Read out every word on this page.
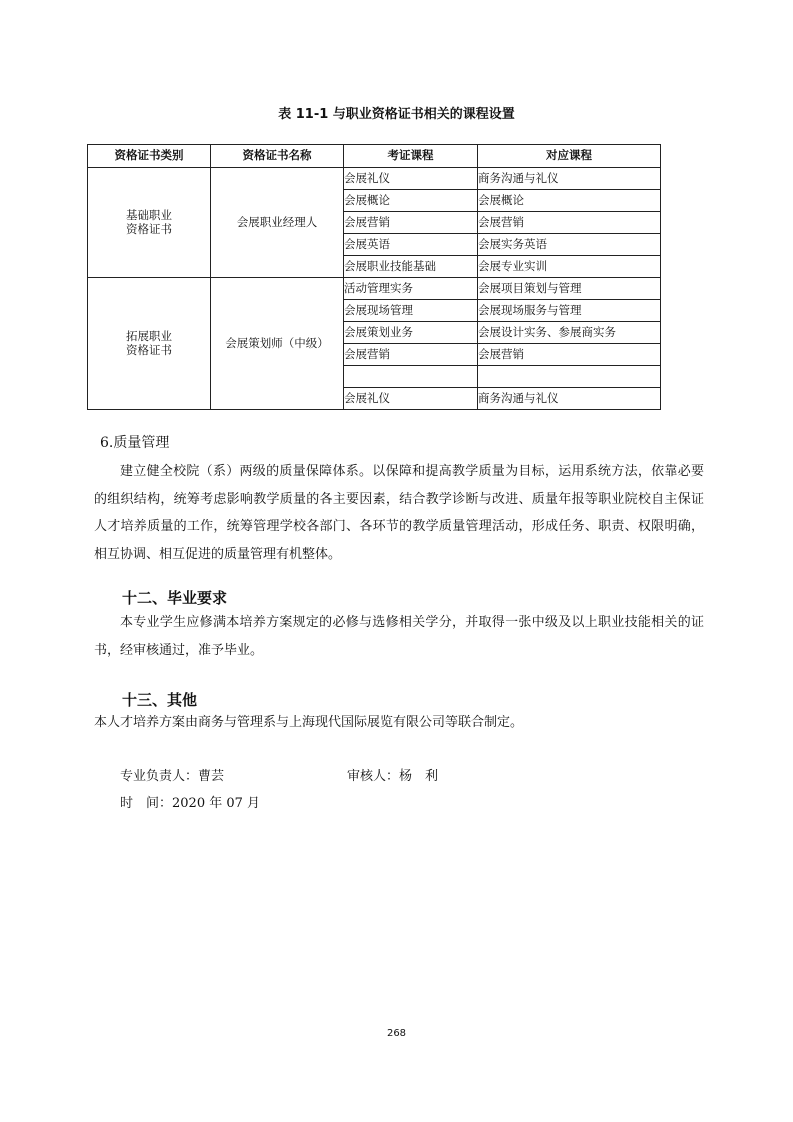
表 11-1 与职业资格证书相关的课程设置
资格证书类别	资格证书名称	考证课程	对应课程
基础职业资格证书	会展职业经理人	会展礼仪	商务沟通与礼仪
		会展概论	会展概论
		会展营销	会展营销
		会展英语	会展实务英语
		会展职业技能基础	会展专业实训
拓展职业资格证书	会展策划师（中级）	活动管理实务	会展项目策划与管理
		会展现场管理	会展现场服务与管理
		会展策划业务	会展设计实务、参展商实务
		会展营销	会展营销

		会展礼仪	商务沟通与礼仪
6.质量管理
建立健全校院（系）两级的质量保障体系。以保障和提高教学质量为目标，运用系统方法，依靠必要的组织结构，统筹考虑影响教学质量的各主要因素，结合教学诊断与改进、质量年报等职业院校自主保证人才培养质量的工作，统筹管理学校各部门、各环节的教学质量管理活动，形成任务、职责、权限明确，相互协调、相互促进的质量管理有机整体。
十二、毕业要求
本专业学生应修满本培养方案规定的必修与选修相关学分，并取得一张中级及以上职业技能相关的证书，经审核通过，准予毕业。
十三、其他
本人才培养方案由商务与管理系与上海现代国际展览有限公司等联合制定。
专业负责人：曹芸	审核人：杨　利
时　间：2020 年 07 月
268
